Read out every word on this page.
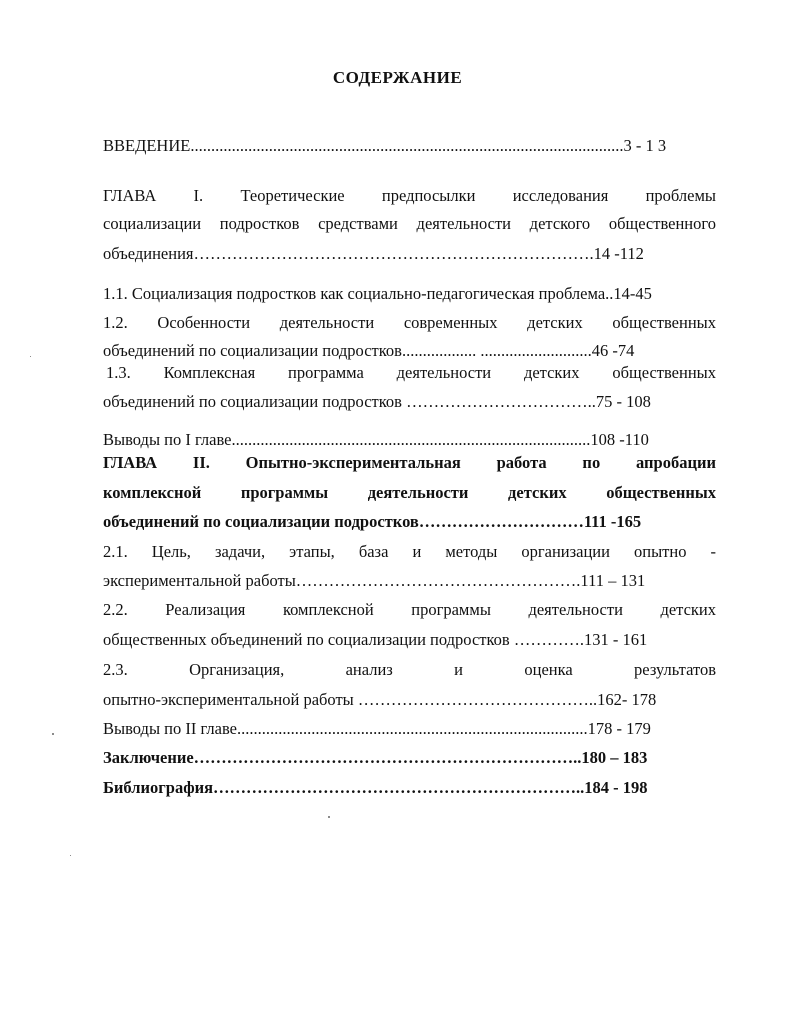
СОДЕРЖАНИЕ
ВВЕДЕНИЕ.........................................................................................................3 - 1 3
ГЛАВА I. Теоретические предпосылки исследования проблемы
социализации подростков средствами деятельности детского общественного
объединения……………………………………………………………….14 -112
1.1. Социализация подростков как социально-педагогическая проблема..14-45
1.2. Особенности деятельности современных детских общественных
объединений по социализации подростков.................. ...........................46 -74
1.3. Комплексная программа деятельности детских общественных
объединений по социализации подростков ……………………………..75 - 108
Выводы по I главе.......................................................................................108 -110
ГЛАВА II. Опытно-экспериментальная работа по апробации
комплексной программы деятельности детских общественных
объединений по социализации подростков…………………………111 -165
2.1. Цель, задачи, этапы, база и методы организации опытно -
экспериментальной работы…………………………………………….111 – 131
2.2. Реализация комплексной программы деятельности детских
общественных объединений по социализации подростков ………….131 - 161
2.3. Организация, анализ и оценка результатов
опытно-экспериментальной работы ……………………………………..162- 178
Выводы по II главе.....................................................................................178 - 179
Заключение……………………………………………………………..180 – 183
Библиография…………………………………………………………..184 - 198
